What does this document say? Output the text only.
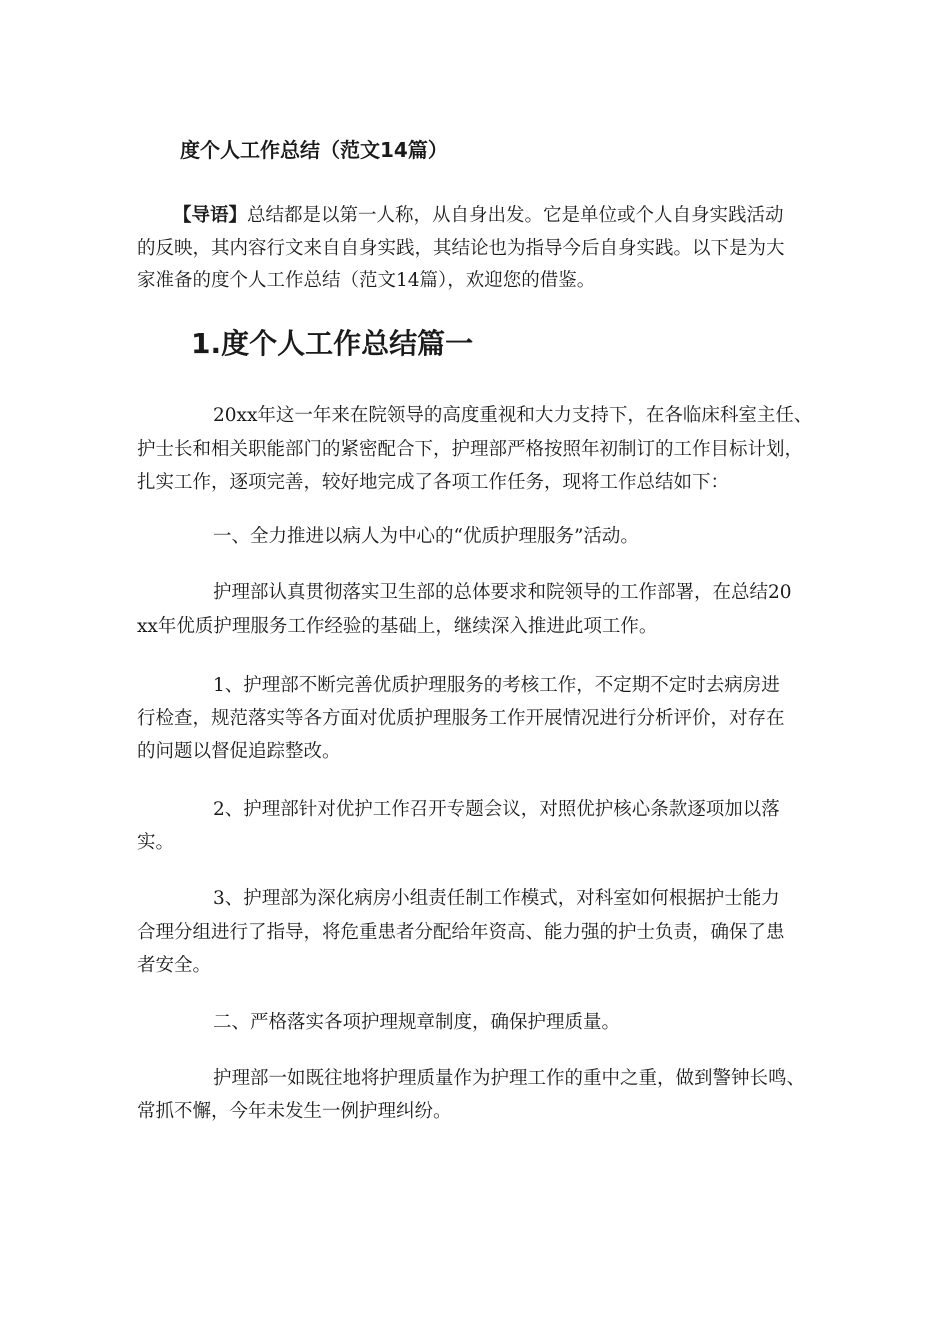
度个人工作总结（范文14篇）
【导语】总结都是以第一人称，从自身出发。它是单位或个人自身实践活动
的反映，其内容行文来自自身实践，其结论也为指导今后自身实践。以下是为大
家准备的度个人工作总结（范文14篇），欢迎您的借鉴。
1.度个人工作总结篇一
20xx年这一年来在院领导的高度重视和大力支持下，在各临床科室主任、
护士长和相关职能部门的紧密配合下，护理部严格按照年初制订的工作目标计划，
扎实工作，逐项完善，较好地完成了各项工作任务，现将工作总结如下：
一、全力推进以病人为中心的“优质护理服务”活动。
护理部认真贯彻落实卫生部的总体要求和院领导的工作部署，在总结20
xx年优质护理服务工作经验的基础上，继续深入推进此项工作。
1、护理部不断完善优质护理服务的考核工作，不定期不定时去病房进
行检查，规范落实等各方面对优质护理服务工作开展情况进行分析评价，对存在
的问题以督促追踪整改。
2、护理部针对优护工作召开专题会议，对照优护核心条款逐项加以落
实。
3、护理部为深化病房小组责任制工作模式，对科室如何根据护士能力
合理分组进行了指导，将危重患者分配给年资高、能力强的护士负责，确保了患
者安全。
二、严格落实各项护理规章制度，确保护理质量。
护理部一如既往地将护理质量作为护理工作的重中之重，做到警钟长鸣、
常抓不懈，今年未发生一例护理纠纷。
